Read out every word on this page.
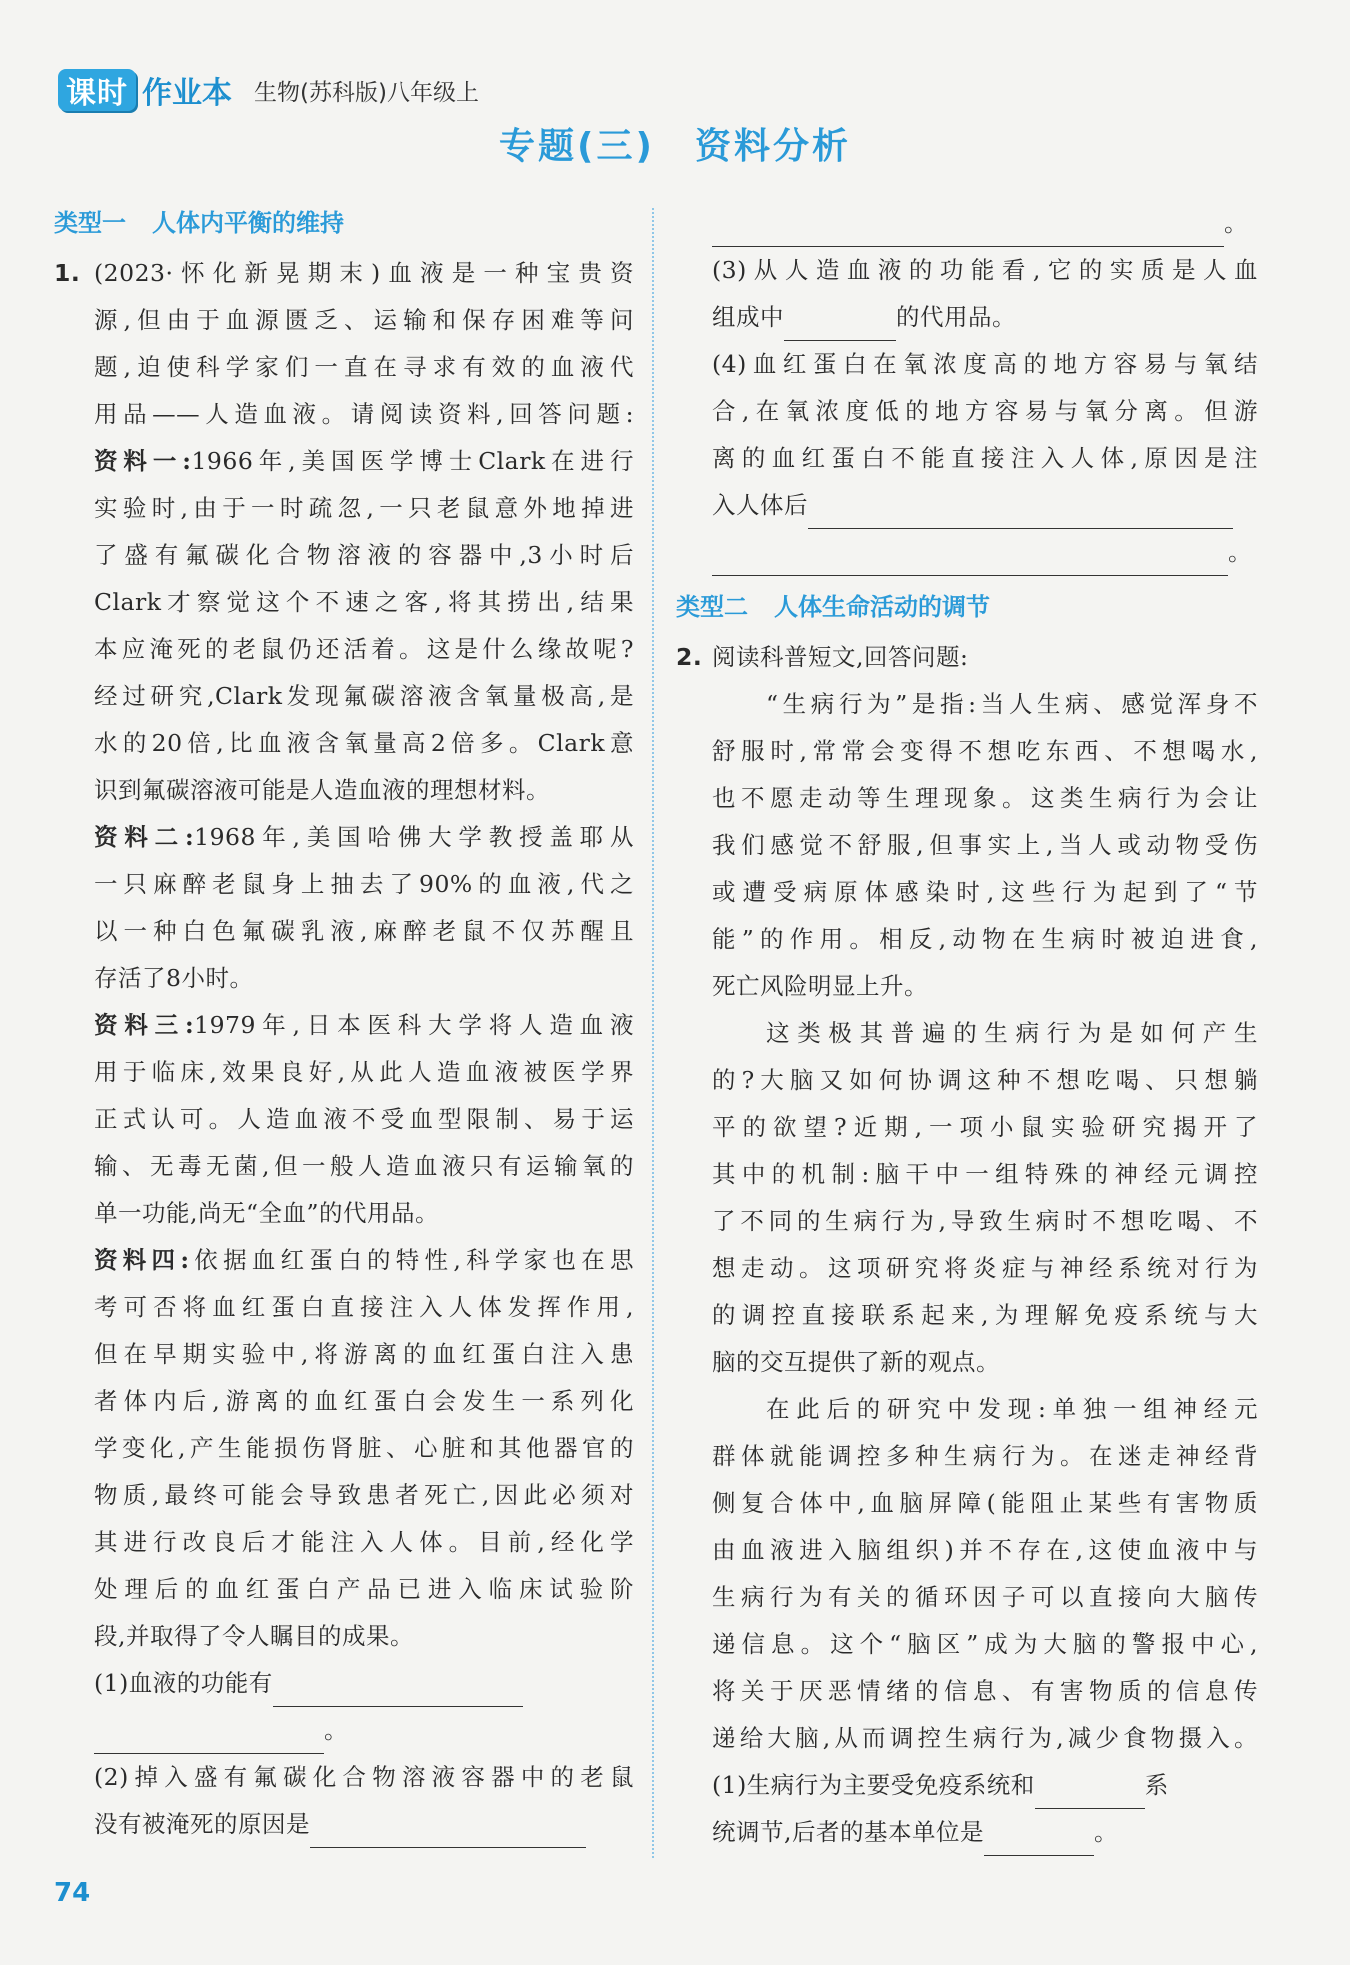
课时 作业本 生物(苏科版)八年级上
专题(三) 资料分析
类型一 人体内平衡的维持
1. (2023·怀化新晃期末)血液是一种宝贵资
源,但由于血源匮乏、运输和保存困难等问
题,迫使科学家们一直在寻求有效的血液代
用品——人造血液。请阅读资料,回答问题:
资料一:1966年,美国医学博士Clark在进行
实验时,由于一时疏忽,一只老鼠意外地掉进
了盛有氟碳化合物溶液的容器中,3小时后
Clark才察觉这个不速之客,将其捞出,结果
本应淹死的老鼠仍还活着。这是什么缘故呢?
经过研究,Clark发现氟碳溶液含氧量极高,是
水的20倍,比血液含氧量高2倍多。Clark意
识到氟碳溶液可能是人造血液的理想材料。
资料二:1968年,美国哈佛大学教授盖耶从
一只麻醉老鼠身上抽去了90%的血液,代之
以一种白色氟碳乳液,麻醉老鼠不仅苏醒且
存活了8小时。
资料三:1979年,日本医科大学将人造血液
用于临床,效果良好,从此人造血液被医学界
正式认可。人造血液不受血型限制、易于运
输、无毒无菌,但一般人造血液只有运输氧的
单一功能,尚无“全血”的代用品。
资料四:依据血红蛋白的特性,科学家也在思
考可否将血红蛋白直接注入人体发挥作用,
但在早期实验中,将游离的血红蛋白注入患
者体内后,游离的血红蛋白会发生一系列化
学变化,产生能损伤肾脏、心脏和其他器官的
物质,最终可能会导致患者死亡,因此必须对
其进行改良后才能注入人体。目前,经化学
处理后的血红蛋白产品已进入临床试验阶
段,并取得了令人瞩目的成果。
(1)血液的功能有
。
(2)掉入盛有氟碳化合物溶液容器中的老鼠
没有被淹死的原因是
。
(3)从人造血液的功能看,它的实质是人血
组成中	的代用品。
(4)血红蛋白在氧浓度高的地方容易与氧结
合,在氧浓度低的地方容易与氧分离。但游
离的血红蛋白不能直接注入人体,原因是注
入人体后
。
类型二 人体生命活动的调节
2. 阅读科普短文,回答问题:
“生病行为”是指:当人生病、感觉浑身不
舒服时,常常会变得不想吃东西、不想喝水,
也不愿走动等生理现象。这类生病行为会让
我们感觉不舒服,但事实上,当人或动物受伤
或遭受病原体感染时,这些行为起到了“节
能”的作用。相反,动物在生病时被迫进食,
死亡风险明显上升。
这类极其普遍的生病行为是如何产生
的?大脑又如何协调这种不想吃喝、只想躺
平的欲望?近期,一项小鼠实验研究揭开了
其中的机制:脑干中一组特殊的神经元调控
了不同的生病行为,导致生病时不想吃喝、不
想走动。这项研究将炎症与神经系统对行为
的调控直接联系起来,为理解免疫系统与大
脑的交互提供了新的观点。
在此后的研究中发现:单独一组神经元
群体就能调控多种生病行为。在迷走神经背
侧复合体中,血脑屏障(能阻止某些有害物质
由血液进入脑组织)并不存在,这使血液中与
生病行为有关的循环因子可以直接向大脑传
递信息。这个“脑区”成为大脑的警报中心,
将关于厌恶情绪的信息、有害物质的信息传
递给大脑,从而调控生病行为,减少食物摄入。
(1)生病行为主要受免疫系统和	系
统调节,后者的基本单位是	。
74
